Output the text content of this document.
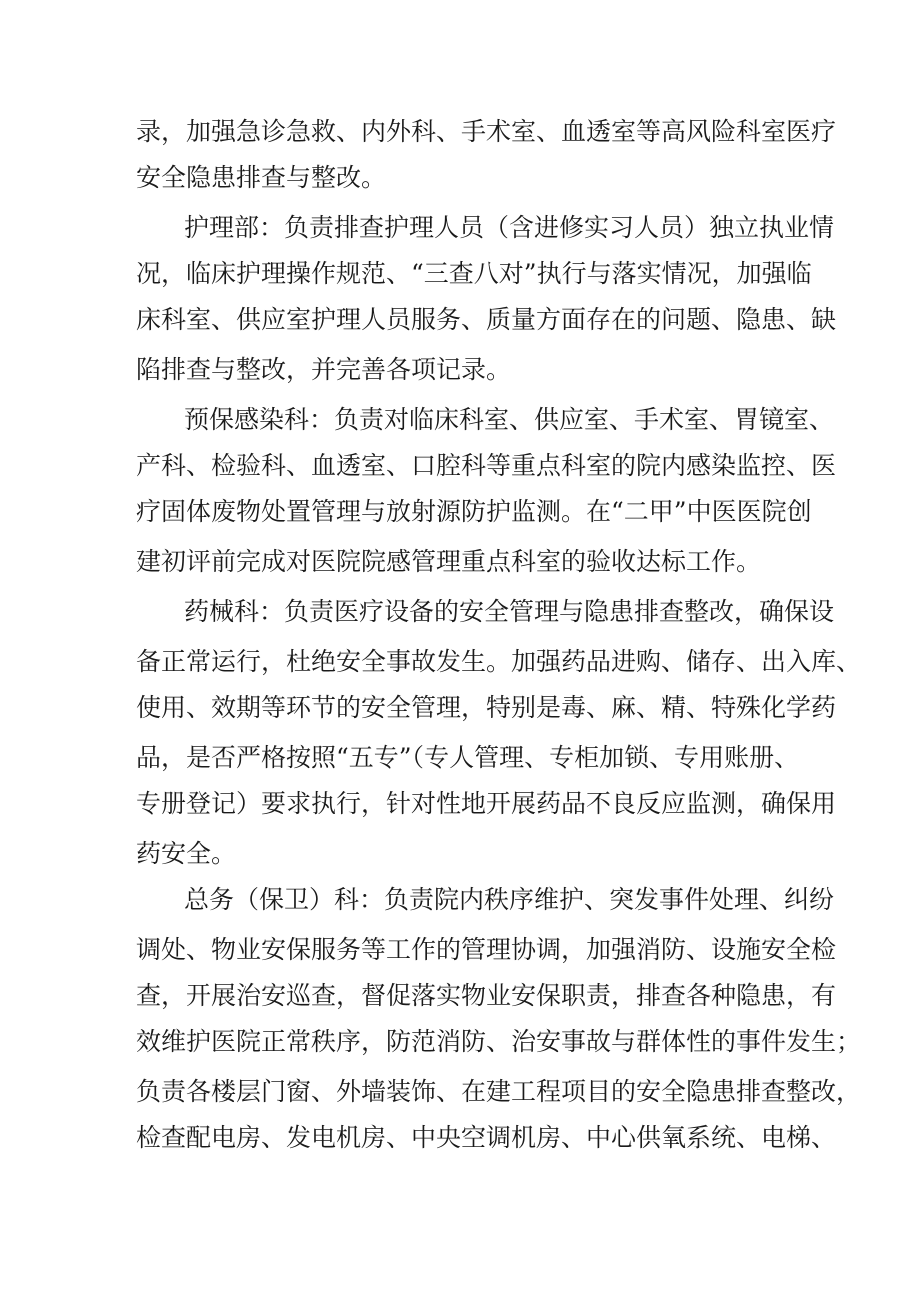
录，加强急诊急救、内外科、手术室、血透室等高风险科室医疗
安全隐患排查与整改。
护理部：负责排查护理人员（含进修实习人员）独立执业情
况，临床护理操作规范、“三查八对”执行与落实情况，加强临
床科室、供应室护理人员服务、质量方面存在的问题、隐患、缺
陷排查与整改，并完善各项记录。
预保感染科：负责对临床科室、供应室、手术室、胃镜室、
产科、检验科、血透室、口腔科等重点科室的院内感染监控、医
疗固体废物处置管理与放射源防护监测。在“二甲”中医医院创
建初评前完成对医院院感管理重点科室的验收达标工作。
药械科：负责医疗设备的安全管理与隐患排查整改，确保设
备正常运行，杜绝安全事故发生。加强药品进购、储存、出入库、
使用、效期等环节的安全管理，特别是毒、麻、精、特殊化学药
品，是否严格按照“五专”（专人管理、专柜加锁、专用账册、
专册登记）要求执行，针对性地开展药品不良反应监测，确保用
药安全。
总务（保卫）科：负责院内秩序维护、突发事件处理、纠纷
调处、物业安保服务等工作的管理协调，加强消防、设施安全检
查，开展治安巡查，督促落实物业安保职责，排查各种隐患，有
效维护医院正常秩序，防范消防、治安事故与群体性的事件发生；
负责各楼层门窗、外墙装饰、在建工程项目的安全隐患排查整改，
检查配电房、发电机房、中央空调机房、中心供氧系统、电梯、
